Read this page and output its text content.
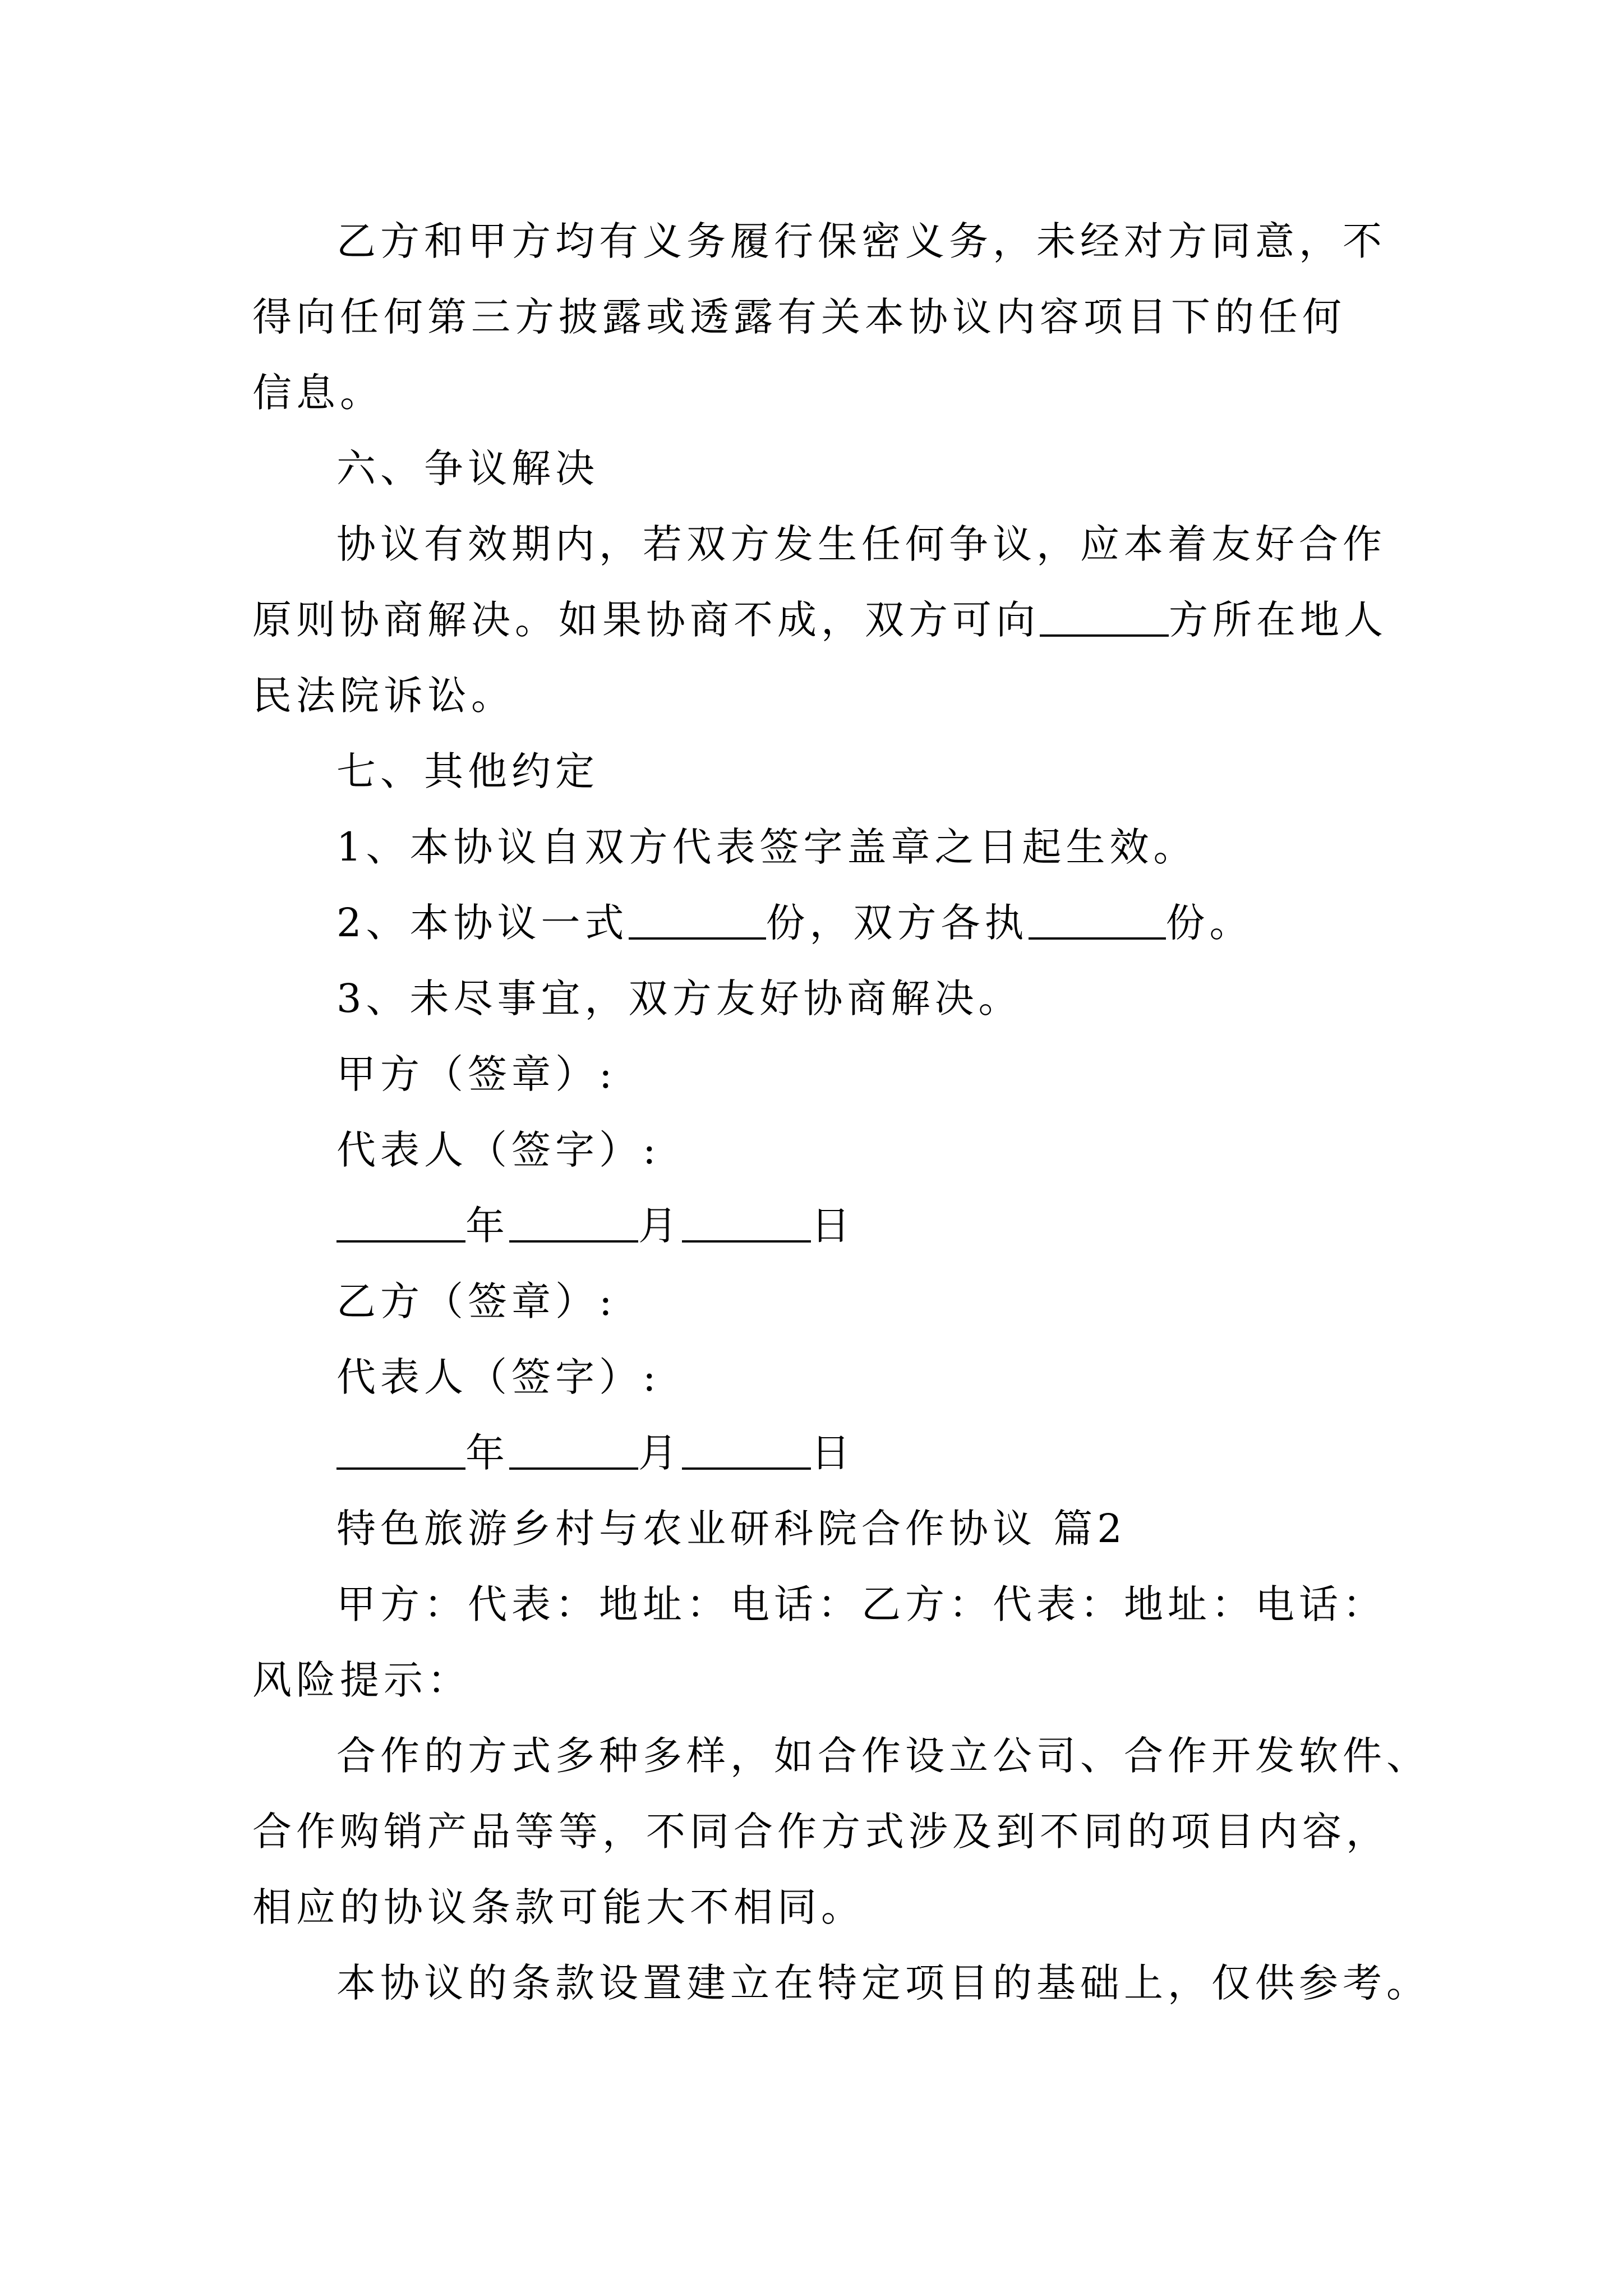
乙方和甲方均有义务履行保密义务，未经对方同意，不

得向任何第三方披露或透露有关本协议内容项目下的任何

信息。

六、争议解决

协议有效期内，若双方发生任何争议，应本着友好合作

原则协商解决。如果协商不成，双方可向	方所在地人

民法院诉讼。

七、其他约定

1、本协议自双方代表签字盖章之日起生效。

2、本协议一式	份，双方各执	份。

3、未尽事宜，双方友好协商解决。

甲方（签章）:

代表人（签字）:

年	月	日

乙方（签章）:

代表人（签字）:

年	月	日

特色旅游乡村与农业研科院合作协议 篇2

甲方：代表：地址：电话：乙方：代表：地址：电话：

风险提示：

合作的方式多种多样，如合作设立公司、合作开发软件、

合作购销产品等等，不同合作方式涉及到不同的项目内容，

相应的协议条款可能大不相同。

本协议的条款设置建立在特定项目的基础上，仅供参考。
